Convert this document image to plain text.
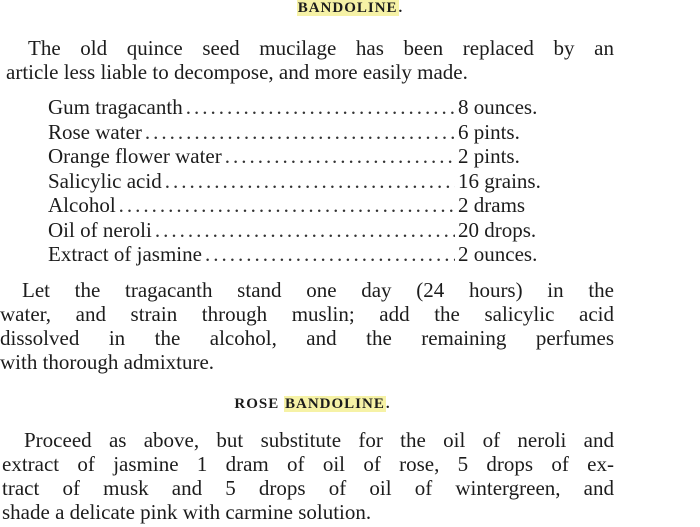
BANDOLINE.
The old quince seed mucilage has been replaced by an
article less liable to decompose, and more easily made.
Gum tragacanth .....	8 ounces.
Rose water .....	6 pints.
Orange flower water .....	2 pints.
Salicylic acid .....	16 grains.
Alcohol .....	2 drams
Oil of neroli .....	20 drops.
Extract of jasmine .....	2 ounces.
Let the tragacanth stand one day (24 hours) in the
water, and strain through muslin; add the salicylic acid
dissolved in the alcohol, and the remaining perfumes
with thorough admixture.
ROSE BANDOLINE.
Proceed as above, but substitute for the oil of neroli and
extract of jasmine 1 dram of oil of rose, 5 drops of ex-
tract of musk and 5 drops of oil of wintergreen, and
shade a delicate pink with carmine solution.
